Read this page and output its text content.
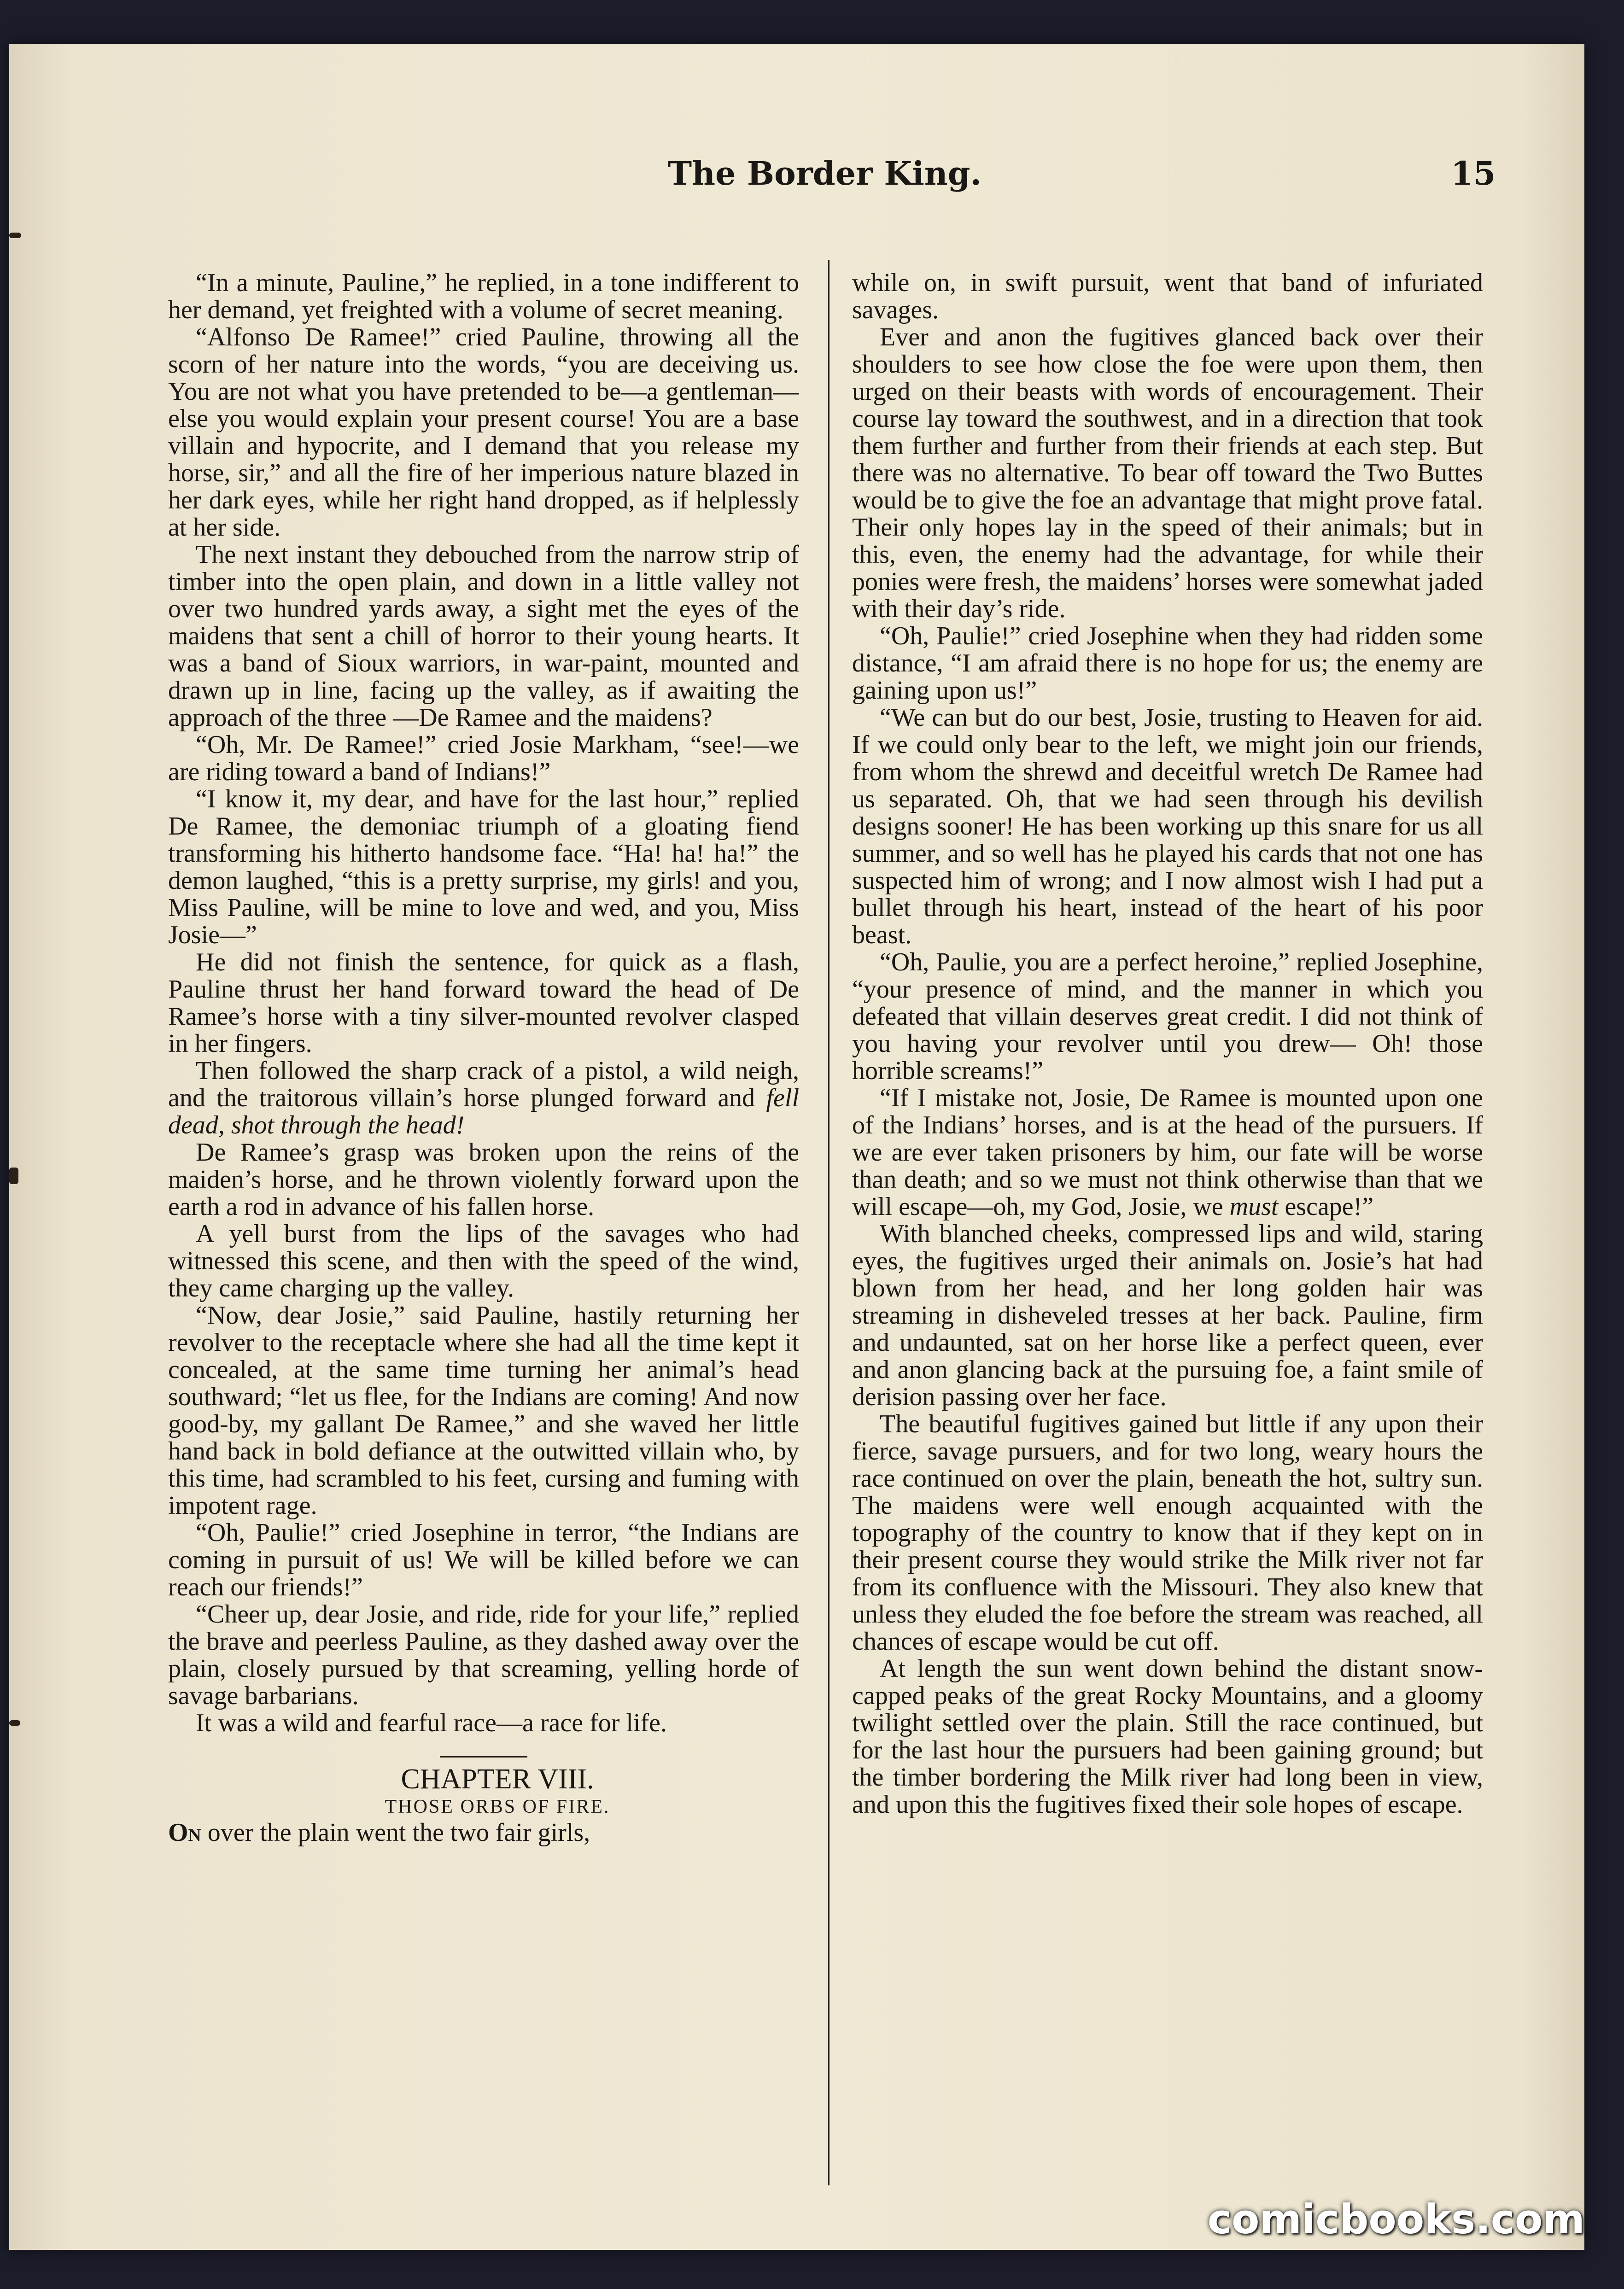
The Border King.	15

“In a minute, Pauline,” he replied, in a tone indifferent to her demand, yet freighted with a volume of secret meaning.

“Alfonso De Ramee!” cried Pauline, throwing all the scorn of her nature into the words, “you are deceiving us. You are not what you have pretended to be—a gentleman—else you would explain your present course! You are a base villain and hypocrite, and I demand that you release my horse, sir,” and all the fire of her imperious nature blazed in her dark eyes, while her right hand dropped, as if helplessly at her side.

The next instant they debouched from the narrow strip of timber into the open plain, and down in a little valley not over two hundred yards away, a sight met the eyes of the maidens that sent a chill of horror to their young hearts. It was a band of Sioux warriors, in war-paint, mounted and drawn up in line, facing up the valley, as if awaiting the approach of the three —De Ramee and the maidens?

“Oh, Mr. De Ramee!” cried Josie Markham, “see!—we are riding toward a band of Indians!”

“I know it, my dear, and have for the last hour,” replied De Ramee, the demoniac triumph of a gloating fiend transforming his hitherto handsome face. “Ha! ha! ha!” the demon laughed, “this is a pretty surprise, my girls! and you, Miss Pauline, will be mine to love and wed, and you, Miss Josie—”

He did not finish the sentence, for quick as a flash, Pauline thrust her hand forward toward the head of De Ramee’s horse with a tiny silver-mounted revolver clasped in her fingers.

Then followed the sharp crack of a pistol, a wild neigh, and the traitorous villain’s horse plunged forward and fell dead, shot through the head!

De Ramee’s grasp was broken upon the reins of the maiden’s horse, and he thrown violently forward upon the earth a rod in advance of his fallen horse.

A yell burst from the lips of the savages who had witnessed this scene, and then with the speed of the wind, they came charging up the valley.

“Now, dear Josie,” said Pauline, hastily returning her revolver to the receptacle where she had all the time kept it concealed, at the same time turning her animal’s head southward; “let us flee, for the Indians are coming! And now good-by, my gallant De Ramee,” and she waved her little hand back in bold defiance at the outwitted villain who, by this time, had scrambled to his feet, cursing and fuming with impotent rage.

“Oh, Paulie!” cried Josephine in terror, “the Indians are coming in pursuit of us! We will be killed before we can reach our friends!”

“Cheer up, dear Josie, and ride, ride for your life,” replied the brave and peerless Pauline, as they dashed away over the plain, closely pursued by that screaming, yelling horde of savage barbarians.

It was a wild and fearful race—a race for life.

CHAPTER VIII.

THOSE ORBS OF FIRE.

On over the plain went the two fair girls,

while on, in swift pursuit, went that band of infuriated savages.

Ever and anon the fugitives glanced back over their shoulders to see how close the foe were upon them, then urged on their beasts with words of encouragement. Their course lay toward the southwest, and in a direction that took them further and further from their friends at each step. But there was no alternative. To bear off toward the Two Buttes would be to give the foe an advantage that might prove fatal. Their only hopes lay in the speed of their animals; but in this, even, the enemy had the advantage, for while their ponies were fresh, the maidens’ horses were somewhat jaded with their day’s ride.

“Oh, Paulie!” cried Josephine when they had ridden some distance, “I am afraid there is no hope for us; the enemy are gaining upon us!”

“We can but do our best, Josie, trusting to Heaven for aid. If we could only bear to the left, we might join our friends, from whom the shrewd and deceitful wretch De Ramee had us separated. Oh, that we had seen through his devilish designs sooner! He has been working up this snare for us all summer, and so well has he played his cards that not one has suspected him of wrong; and I now almost wish I had put a bullet through his heart, instead of the heart of his poor beast.

“Oh, Paulie, you are a perfect heroine,” replied Josephine, “your presence of mind, and the manner in which you defeated that villain deserves great credit. I did not think of you having your revolver until you drew— Oh! those horrible screams!”

“If I mistake not, Josie, De Ramee is mounted upon one of the Indians’ horses, and is at the head of the pursuers. If we are ever taken prisoners by him, our fate will be worse than death; and so we must not think otherwise than that we will escape—oh, my God, Josie, we must escape!”

With blanched cheeks, compressed lips and wild, staring eyes, the fugitives urged their animals on. Josie’s hat had blown from her head, and her long golden hair was streaming in disheveled tresses at her back. Pauline, firm and undaunted, sat on her horse like a perfect queen, ever and anon glancing back at the pursuing foe, a faint smile of derision passing over her face.

The beautiful fugitives gained but little if any upon their fierce, savage pursuers, and for two long, weary hours the race continued on over the plain, beneath the hot, sultry sun. The maidens were well enough acquainted with the topography of the country to know that if they kept on in their present course they would strike the Milk river not far from its confluence with the Missouri. They also knew that unless they eluded the foe before the stream was reached, all chances of escape would be cut off.

At length the sun went down behind the distant snow-capped peaks of the great Rocky Mountains, and a gloomy twilight settled over the plain. Still the race continued, but for the last hour the pursuers had been gaining ground; but the timber bordering the Milk river had long been in view, and upon this the fugitives fixed their sole hopes of escape.

comicbooks.com
